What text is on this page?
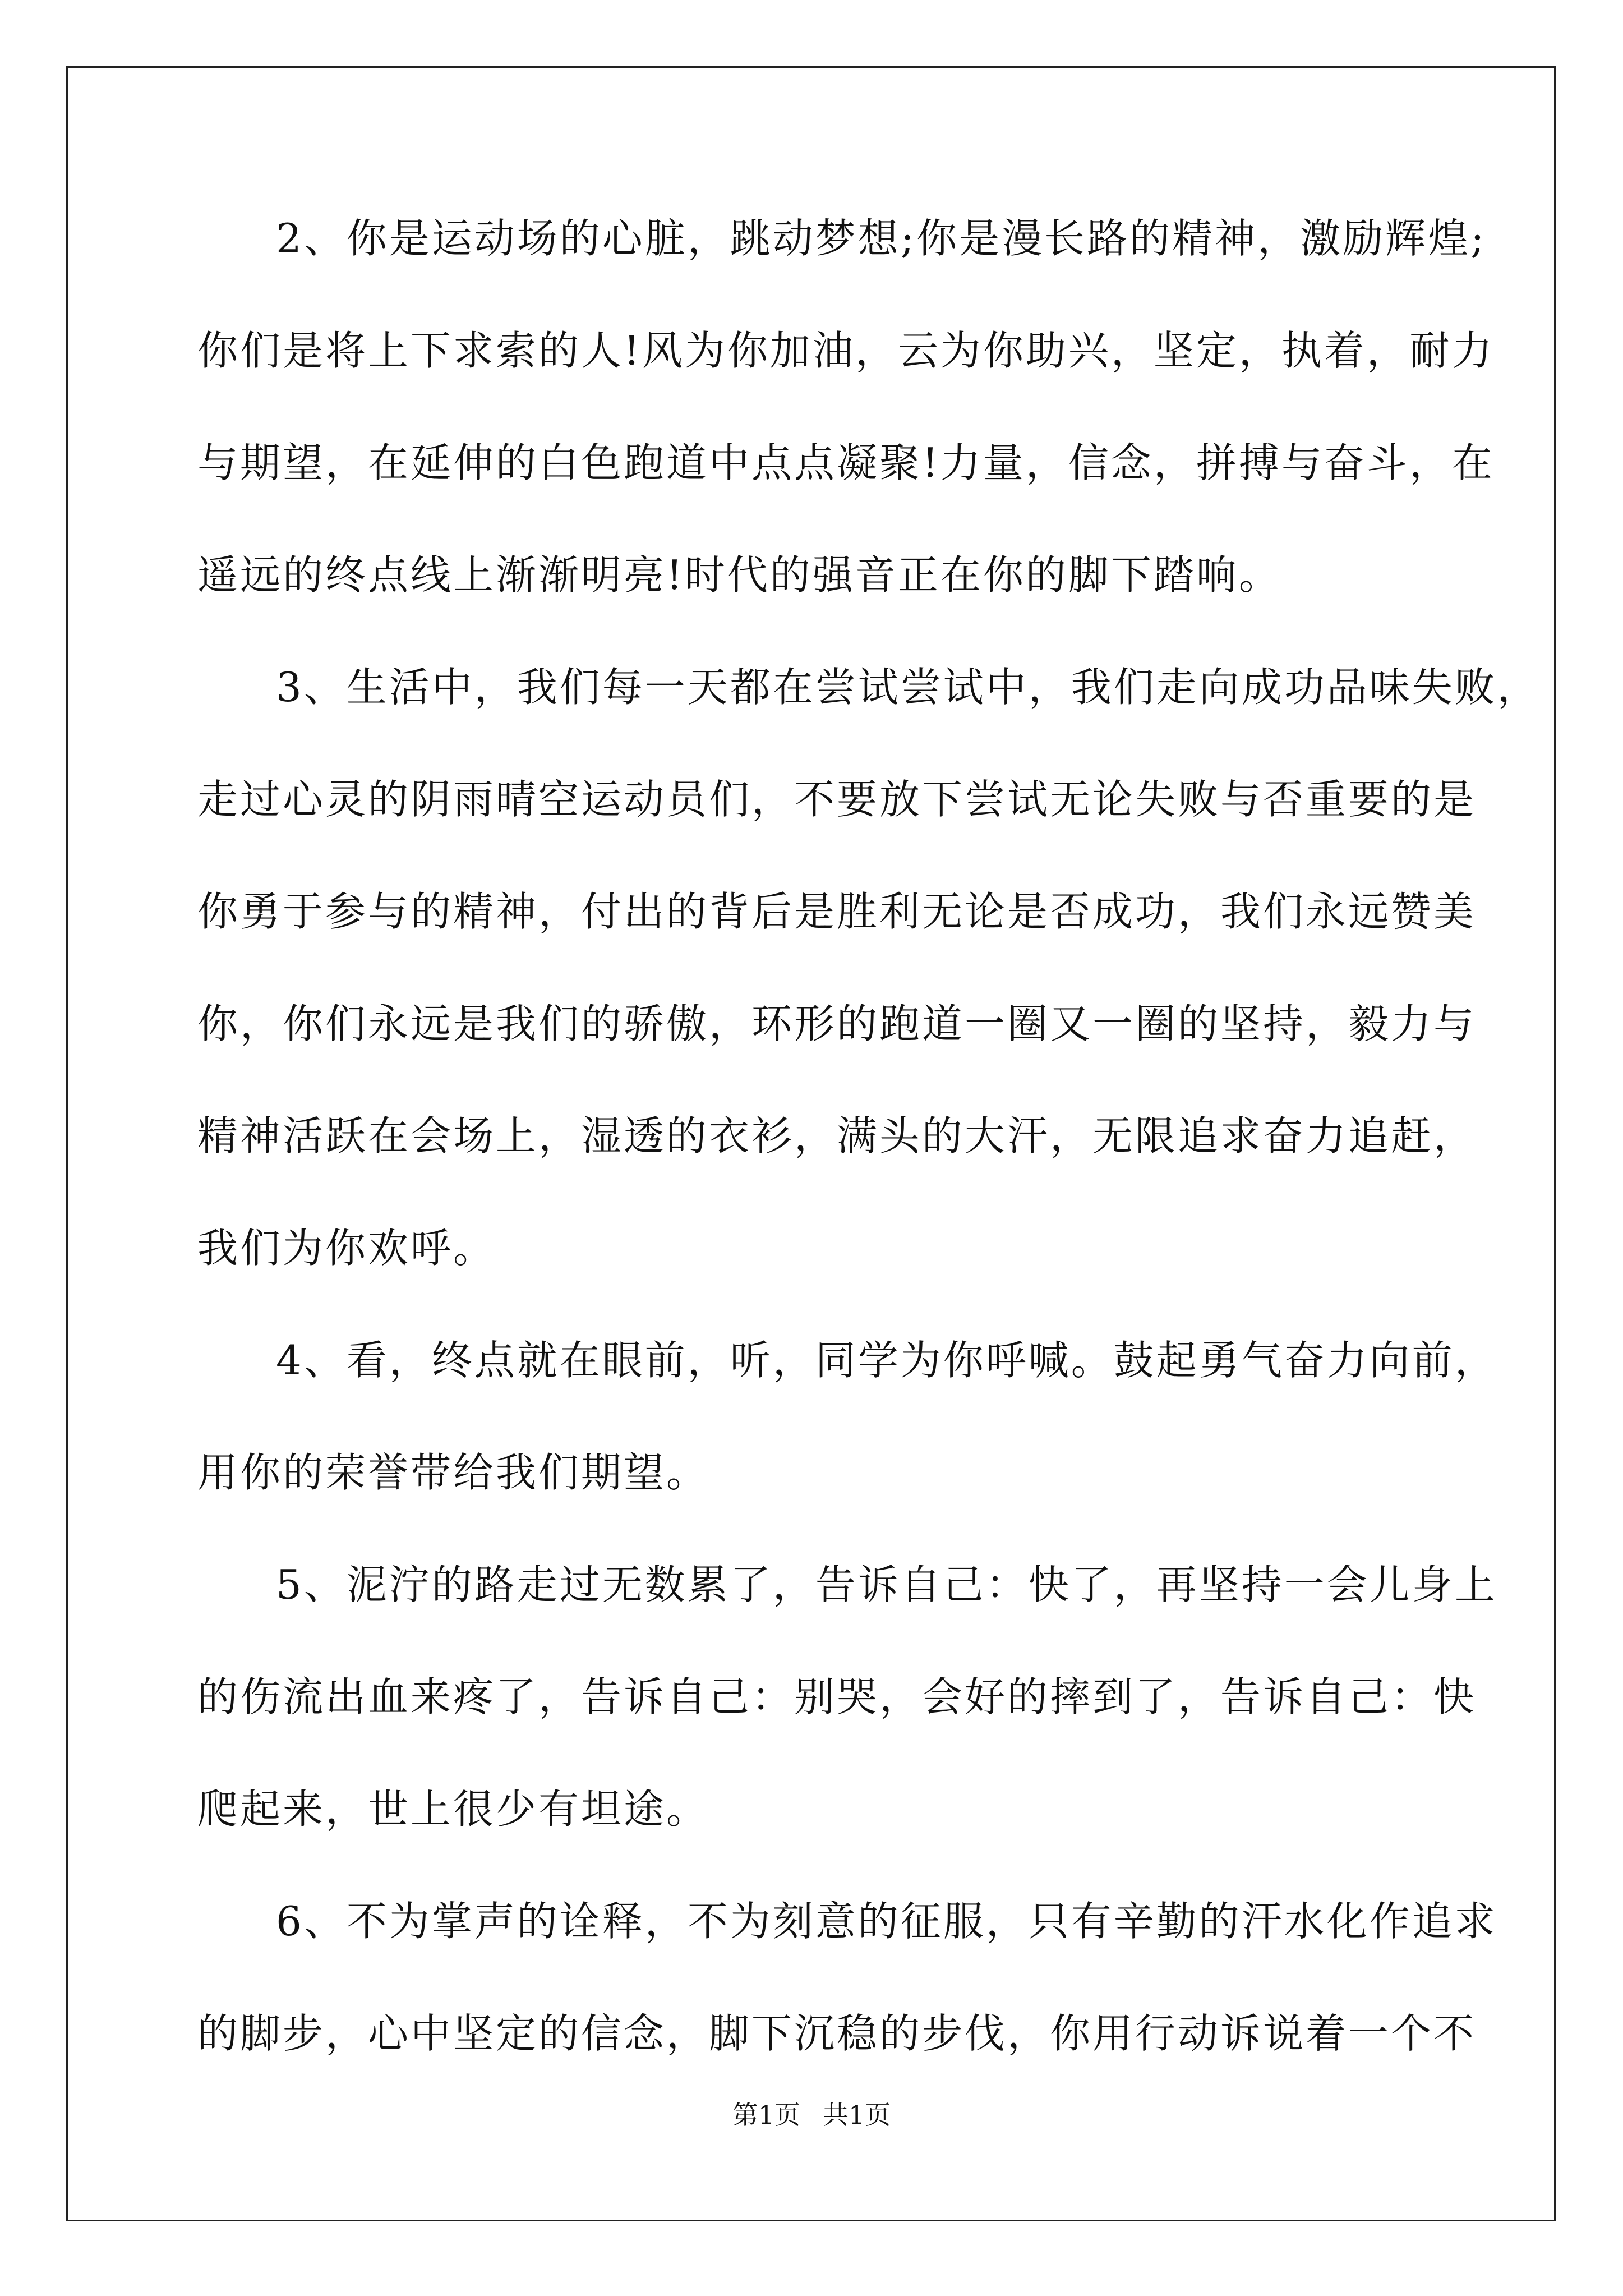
2、你是运动场的心脏，跳动梦想;你是漫长路的精神，激励辉煌;
你们是将上下求索的人!风为你加油，云为你助兴，坚定，执着，耐力
与期望，在延伸的白色跑道中点点凝聚!力量，信念，拼搏与奋斗，在
遥远的终点线上渐渐明亮!时代的强音正在你的脚下踏响。
3、生活中，我们每一天都在尝试尝试中，我们走向成功品味失败，
走过心灵的阴雨晴空运动员们，不要放下尝试无论失败与否重要的是
你勇于参与的精神，付出的背后是胜利无论是否成功，我们永远赞美
你，你们永远是我们的骄傲，环形的跑道一圈又一圈的坚持，毅力与
精神活跃在会场上，湿透的衣衫，满头的大汗，无限追求奋力追赶，
我们为你欢呼。
4、看，终点就在眼前，听，同学为你呼喊。鼓起勇气奋力向前，
用你的荣誉带给我们期望。
5、泥泞的路走过无数累了，告诉自己：快了，再坚持一会儿身上
的伤流出血来疼了，告诉自己：别哭，会好的摔到了，告诉自己：快
爬起来，世上很少有坦途。
6、不为掌声的诠释，不为刻意的征服，只有辛勤的汗水化作追求
的脚步，心中坚定的信念，脚下沉稳的步伐，你用行动诉说着一个不
第1页 共1页
